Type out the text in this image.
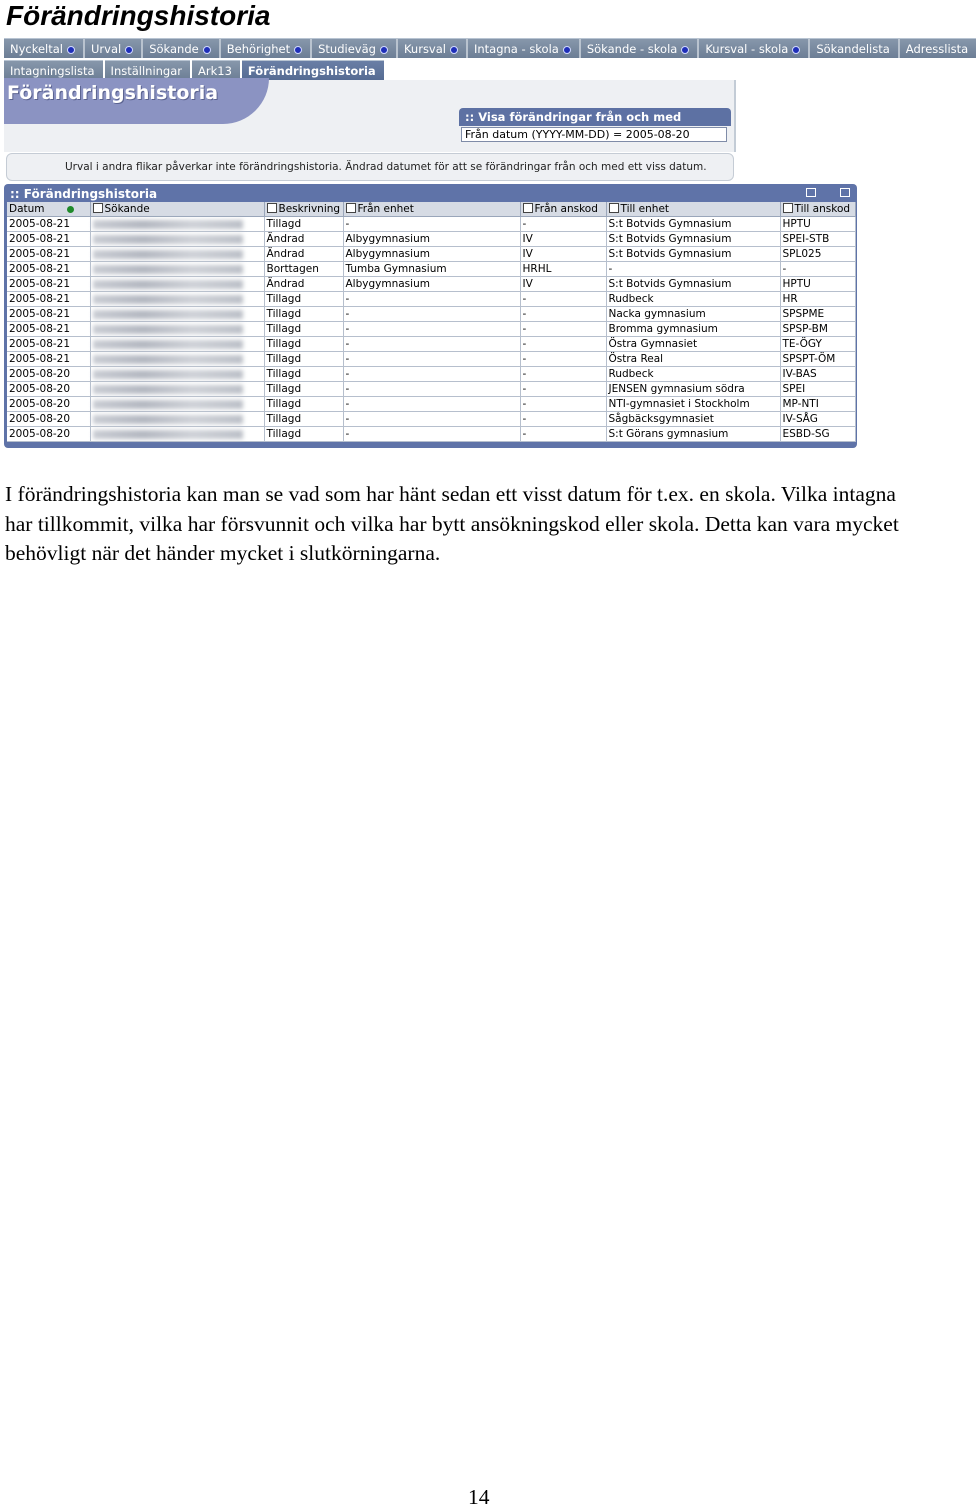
Förändringshistoria
Nyckeltal	Urval	Sökande	Behörighet	Studieväg	Kursval	Intagna - skola	Sökande - skola	Kursval - skola	Sökandelista	Adresslista
Intagningslista	Inställningar	Ark13	Förändringshistoria
Förändringshistoria
:: Visa förändringar från och med
Från datum (YYYY-MM-DD) = 2005-08-20
Urval i andra flikar påverkar inte förändringshistoria. Ändrad datumet för att se förändringar från och med ett viss datum.
:: Förändringshistoria
Datum	Sökande	Beskrivning	Från enhet	Från anskod	Till enhet	Till anskod
2005-08-21		Tillagd	-	-	S:t Botvids Gymnasium	HPTU
2005-08-21		Ändrad	Albygymnasium	IV	S:t Botvids Gymnasium	SPEI-STB
2005-08-21		Ändrad	Albygymnasium	IV	S:t Botvids Gymnasium	SPL025
2005-08-21		Borttagen	Tumba Gymnasium	HRHL	-	-
2005-08-21		Ändrad	Albygymnasium	IV	S:t Botvids Gymnasium	HPTU
2005-08-21		Tillagd	-	-	Rudbeck	HR
2005-08-21		Tillagd	-	-	Nacka gymnasium	SPSPME
2005-08-21		Tillagd	-	-	Bromma gymnasium	SPSP-BM
2005-08-21		Tillagd	-	-	Östra Gymnasiet	TE-ÖGY
2005-08-21		Tillagd	-	-	Östra Real	SPSPT-ÖM
2005-08-20		Tillagd	-	-	Rudbeck	IV-BAS
2005-08-20		Tillagd	-	-	JENSEN gymnasium södra	SPEI
2005-08-20		Tillagd	-	-	NTI-gymnasiet i Stockholm	MP-NTI
2005-08-20		Tillagd	-	-	Sågbäcksgymnasiet	IV-SÅG
2005-08-20		Tillagd	-	-	S:t Görans gymnasium	ESBD-SG

I förändringshistoria kan man se vad som har hänt sedan ett visst datum för t.ex. en skola. Vilka intagna har tillkommit, vilka har försvunnit och vilka har bytt ansökningskod eller skola. Detta kan vara mycket behövligt när det händer mycket i slutkörningarna.

14
